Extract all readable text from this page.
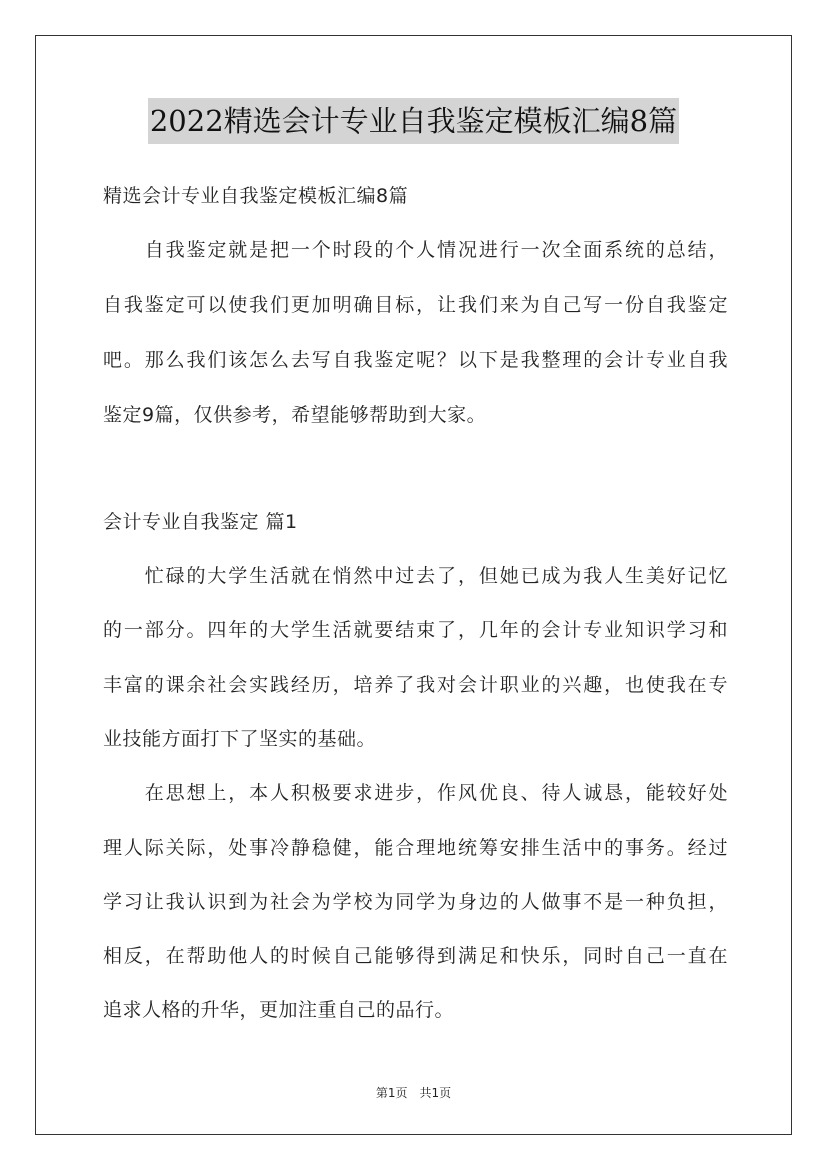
2022精选会计专业自我鉴定模板汇编8篇
精选会计专业自我鉴定模板汇编8篇
　　自我鉴定就是把一个时段的个人情况进行一次全面系统的总结，
自我鉴定可以使我们更加明确目标，让我们来为自己写一份自我鉴定
吧。那么我们该怎么去写自我鉴定呢？以下是我整理的会计专业自我
鉴定9篇，仅供参考，希望能够帮助到大家。
会计专业自我鉴定 篇1
　　忙碌的大学生活就在悄然中过去了，但她已成为我人生美好记忆
的一部分。四年的大学生活就要结束了，几年的会计专业知识学习和
丰富的课余社会实践经历，培养了我对会计职业的兴趣，也使我在专
业技能方面打下了坚实的基础。
　　在思想上，本人积极要求进步，作风优良、待人诚恳，能较好处
理人际关际，处事冷静稳健，能合理地统筹安排生活中的事务。经过
学习让我认识到为社会为学校为同学为身边的人做事不是一种负担，
相反，在帮助他人的时候自己能够得到满足和快乐，同时自己一直在
追求人格的升华，更加注重自己的品行。
第1页　共1页
